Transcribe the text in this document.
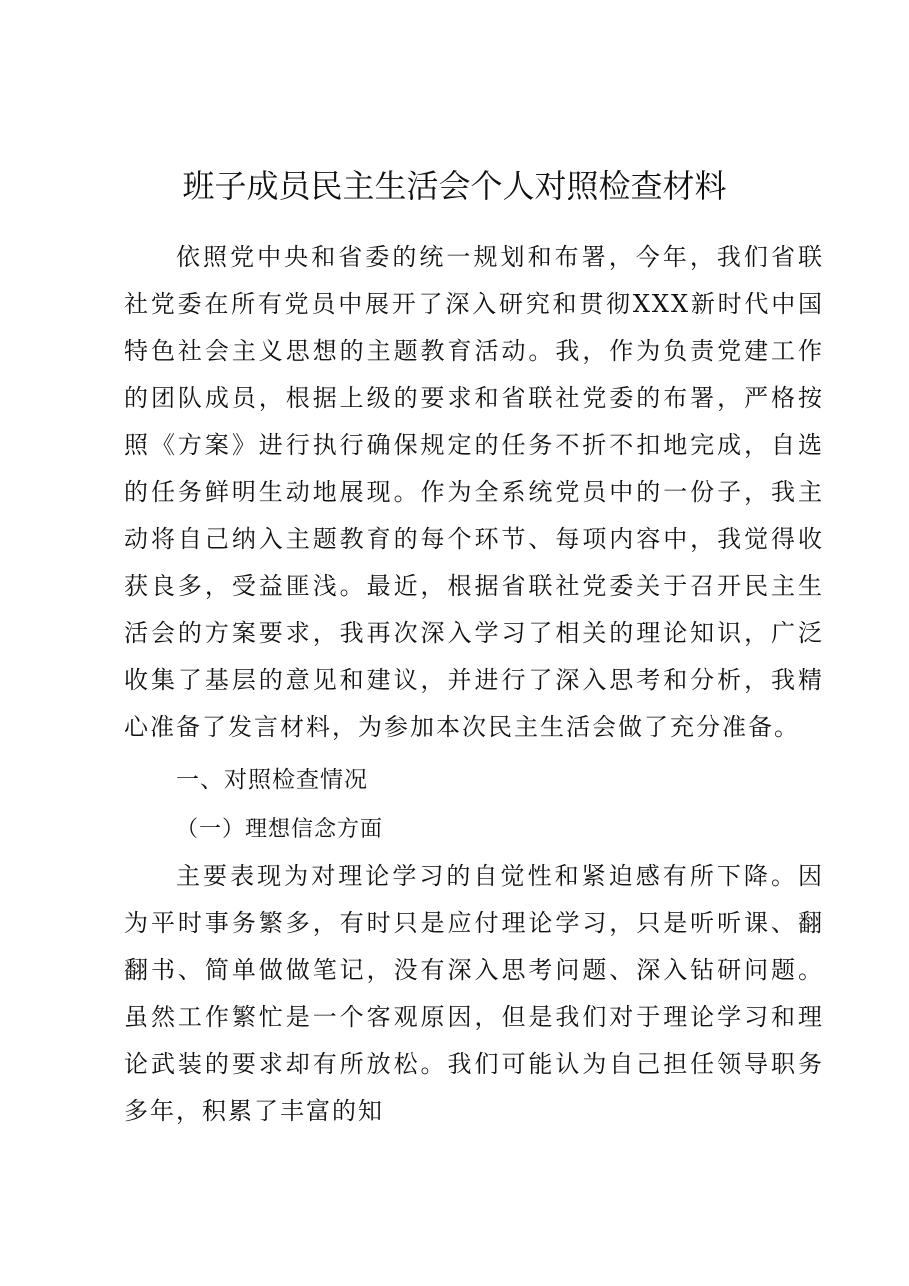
班子成员民主生活会个人对照检查材料

依照党中央和省委的统一规划和布署，今年，我们省联社党委在所有党员中展开了深入研究和贯彻XXX新时代中国特色社会主义思想的主题教育活动。我，作为负责党建工作的团队成员，根据上级的要求和省联社党委的布署，严格按照《方案》进行执行确保规定的任务不折不扣地完成，自选的任务鲜明生动地展现。作为全系统党员中的一份子，我主动将自己纳入主题教育的每个环节、每项内容中，我觉得收获良多，受益匪浅。最近，根据省联社党委关于召开民主生活会的方案要求，我再次深入学习了相关的理论知识，广泛收集了基层的意见和建议，并进行了深入思考和分析，我精心准备了发言材料，为参加本次民主生活会做了充分准备。

一、对照检查情况
（一）理想信念方面

主要表现为对理论学习的自觉性和紧迫感有所下降。因为平时事务繁多，有时只是应付理论学习，只是听听课、翻翻书、简单做做笔记，没有深入思考问题、深入钻研问题。虽然工作繁忙是一个客观原因，但是我们对于理论学习和理论武装的要求却有所放松。我们可能认为自己担任领导职务多年，积累了丰富的知
